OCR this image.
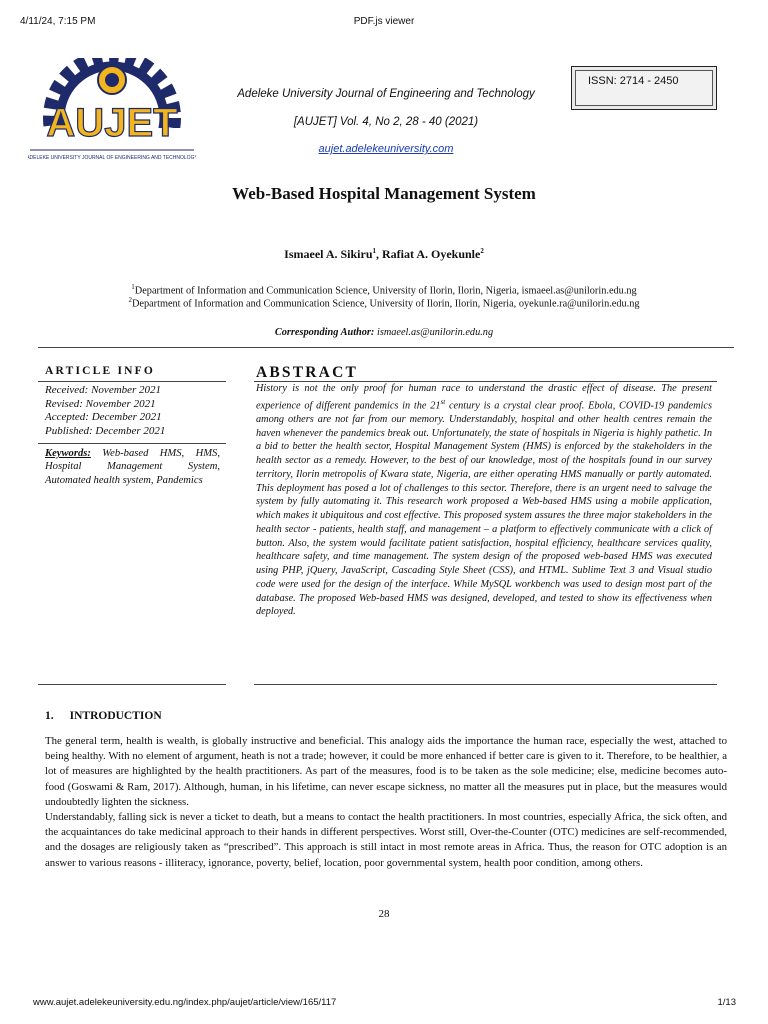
4/11/24, 7:15 PM	PDF.js viewer
AUJET
ADELEKE UNIVERSITY JOURNAL OF ENGINEERING AND TECHNOLOGY
Adeleke University Journal of Engineering and Technology
[AUJET] Vol. 4, No 2, 28 - 40 (2021)
aujet.adelekeuniversity.com
ISSN: 2714 - 2450
Web-Based Hospital Management System
Ismaeel A. Sikiru$^1$, Rafiat A. Oyekunle$^2$
$^1$Department of Information and Communication Science, University of Ilorin, Ilorin, Nigeria, ismaeel.as@unilorin.edu.ng
$^2$Department of Information and Communication Science, University of Ilorin, Ilorin, Nigeria, oyekunle.ra@unilorin.edu.ng
Corresponding Author: ismaeel.as@unilorin.edu.ng
ARTICLE INFO
Received: November 2021
Revised: November 2021
Accepted: December 2021
Published: December 2021
Keywords: Web-based HMS, HMS, Hospital Management System, Automated health system, Pandemics
ABSTRACT
History is not the only proof for human race to understand the drastic effect of disease. The present experience of different pandemics in the 21st century is a crystal clear proof. Ebola, COVID-19 pandemics among others are not far from our memory. Understandably, hospital and other health centres remain the haven whenever the pandemics break out. Unfortunately, the state of hospitals in Nigeria is highly pathetic. In a bid to better the health sector, Hospital Management System (HMS) is enforced by the stakeholders in the health sector as a remedy. However, to the best of our knowledge, most of the hospitals found in our survey territory, Ilorin metropolis of Kwara state, Nigeria, are either operating HMS manually or partly automated. This deployment has posed a lot of challenges to this sector. Therefore, there is an urgent need to salvage the system by fully automating it. This research work proposed a Web-based HMS using a mobile application, which makes it ubiquitous and cost effective. This proposed system assures the three major stakeholders in the health sector - patients, health staff, and management – a platform to effectively communicate with a click of button. Also, the system would facilitate patient satisfaction, hospital efficiency, healthcare services quality, healthcare safety, and time management. The system design of the proposed web-based HMS was executed using PHP, jQuery, JavaScript, Cascading Style Sheet (CSS), and HTML. Sublime Text 3 and Visual studio code were used for the design of the interface. While MySQL workbench was used to design most part of the database. The proposed Web-based HMS was designed, developed, and tested to show its effectiveness when deployed.
1. INTRODUCTION
The general term, health is wealth, is globally instructive and beneficial. This analogy aids the importance the human race, especially the west, attached to being healthy. With no element of argument, heath is not a trade; however, it could be more enhanced if better care is given to it. Therefore, to be healthier, a lot of measures are highlighted by the health practitioners. As part of the measures, food is to be taken as the sole medicine; else, medicine becomes auto-food (Goswami & Ram, 2017). Although, human, in his lifetime, can never escape sickness, no matter all the measures put in place, but the measures would undoubtedly lighten the sickness.
Understandably, falling sick is never a ticket to death, but a means to contact the health practitioners. In most countries, especially Africa, the sick often, and the acquaintances do take medicinal approach to their hands in different perspectives. Worst still, Over-the-Counter (OTC) medicines are self-recommended, and the dosages are religiously taken as “prescribed”. This approach is still intact in most remote areas in Africa. Thus, the reason for OTC adoption is an answer to various reasons - illiteracy, ignorance, poverty, belief, location, poor governmental system, health poor condition, among others.
28
www.aujet.adelekeuniversity.edu.ng/index.php/aujet/article/view/165/117	1/13
